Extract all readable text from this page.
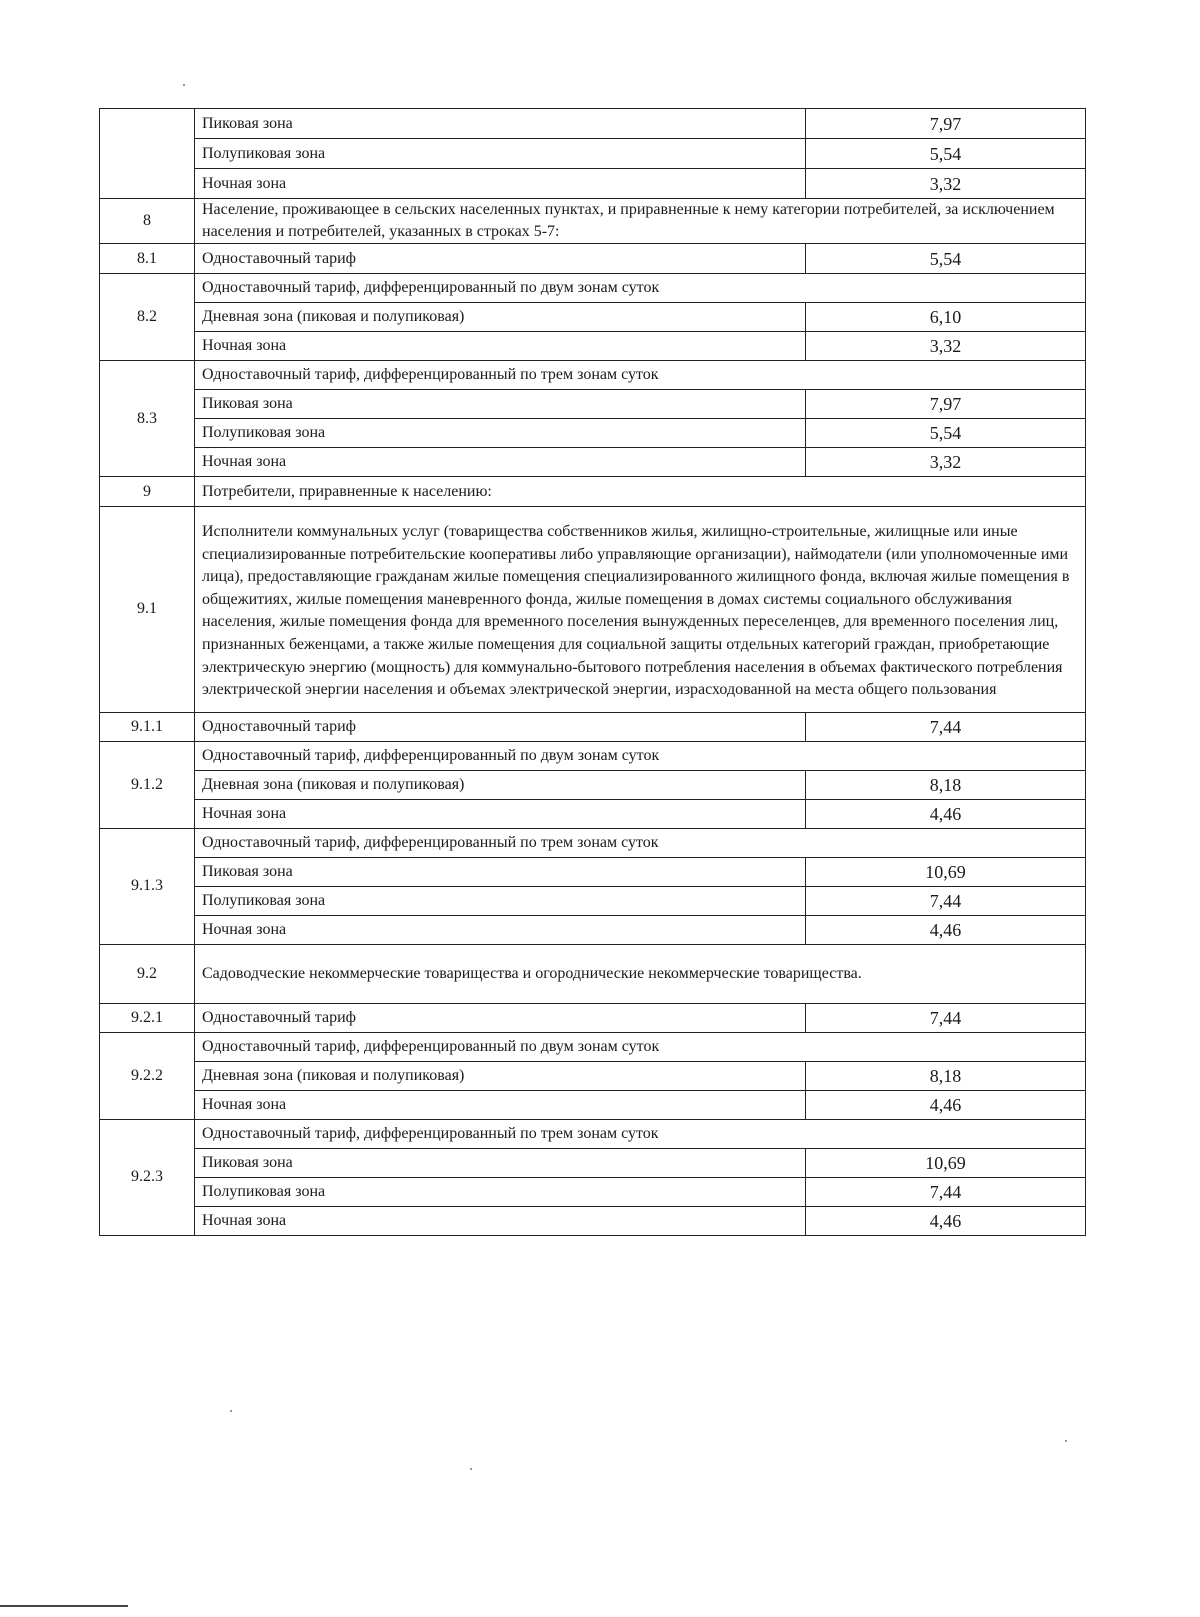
	Пиковая зона	7,97
	Полупиковая зона	5,54
	Ночная зона	3,32
8	Население, проживающее в сельских населенных пунктах, и приравненные к нему категории потребителей, за исключением населения и потребителей, указанных в строках 5-7:	
8.1	Одноставочный тариф	5,54
8.2	Одноставочный тариф, дифференцированный по двум зонам суток	
	Дневная зона (пиковая и полупиковая)	6,10
	Ночная зона	3,32
8.3	Одноставочный тариф, дифференцированный по трем зонам суток	
	Пиковая зона	7,97
	Полупиковая зона	5,54
	Ночная зона	3,32
9	Потребители, приравненные к населению:	
9.1	Исполнители коммунальных услуг (товарищества собственников жилья, жилищно-строительные, жилищные или иные специализированные потребительские кооперативы либо управляющие организации), наймодатели (или уполномоченные ими лица), предоставляющие гражданам жилые помещения специализированного жилищного фонда, включая жилые помещения в общежитиях, жилые помещения маневренного фонда, жилые помещения в домах системы социального обслуживания населения, жилые помещения фонда для временного поселения вынужденных переселенцев, для временного поселения лиц, признанных беженцами, а также жилые помещения для социальной защиты отдельных категорий граждан, приобретающие электрическую энергию (мощность) для коммунально-бытового потребления населения в объемах фактического потребления электрической энергии населения и объемах электрической энергии, израсходованной на места общего пользования	
9.1.1	Одноставочный тариф	7,44
9.1.2	Одноставочный тариф, дифференцированный по двум зонам суток	
	Дневная зона (пиковая и полупиковая)	8,18
	Ночная зона	4,46
9.1.3	Одноставочный тариф, дифференцированный по трем зонам суток	
	Пиковая зона	10,69
	Полупиковая зона	7,44
	Ночная зона	4,46
9.2	Садоводческие некоммерческие товарищества и огороднические некоммерческие товарищества.	
9.2.1	Одноставочный тариф	7,44
9.2.2	Одноставочный тариф, дифференцированный по двум зонам суток	
	Дневная зона (пиковая и полупиковая)	8,18
	Ночная зона	4,46
9.2.3	Одноставочный тариф, дифференцированный по трем зонам суток	
	Пиковая зона	10,69
	Полупиковая зона	7,44
	Ночная зона	4,46
